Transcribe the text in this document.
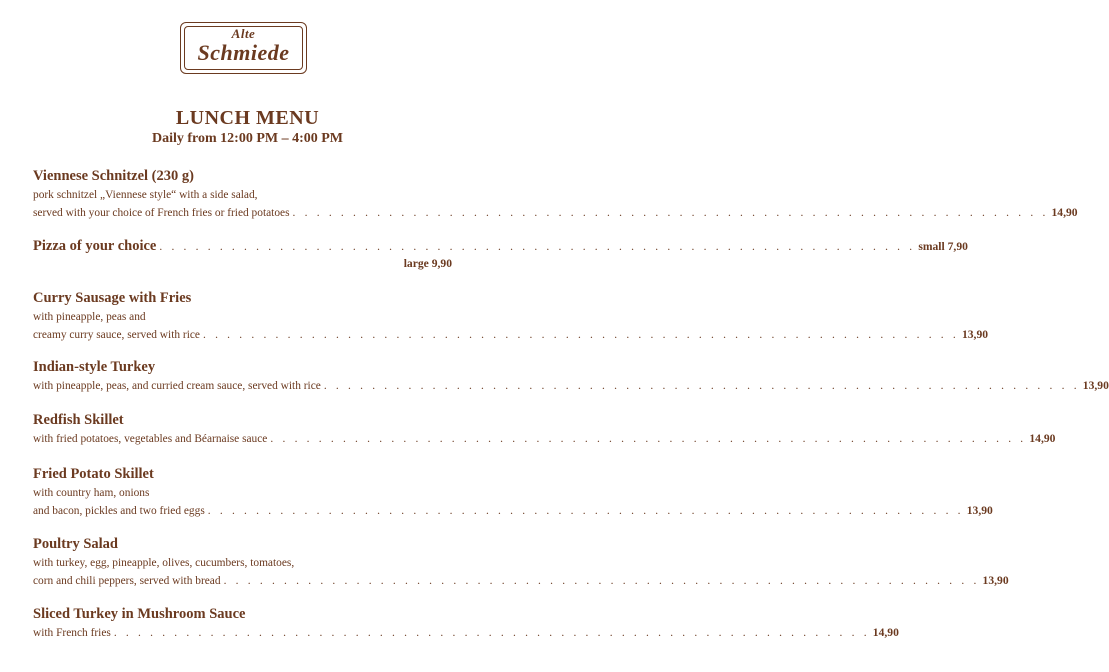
Alte
Schmiede
LUNCH MENU
Daily from 12:00 PM – 4:00 PM
Viennese Schnitzel (230 g)
pork schnitzel „Viennese style“ with a side salad,
served with your choice of French fries or fried potatoes . . . . . . . . . . . . . . . . . . . . . . . . . . . . . . . . . . . . . . . . . . . . . . . . . . . . . . . . . . . . . . . 14,90
Pizza of your choice . . . . . . . . . . . . . . . . . . . . . . . . . . . . . . . . . . . . . . . . . . . . . . . . . . . . . . . . . . . . . . . small 7,90
large 9,90
Curry Sausage with Fries
with pineapple, peas and
creamy curry sauce, served with rice . . . . . . . . . . . . . . . . . . . . . . . . . . . . . . . . . . . . . . . . . . . . . . . . . . . . . . . . . . . . . . . 13,90
Indian-style Turkey
with pineapple, peas, and curried cream sauce, served with rice . . . . . . . . . . . . . . . . . . . . . . . . . . . . . . . . . . . . . . . . . . . . . . . . . . . . . . . . . . . . . . . 13,90
Redfish Skillet
with fried potatoes, vegetables and Béarnaise sauce . . . . . . . . . . . . . . . . . . . . . . . . . . . . . . . . . . . . . . . . . . . . . . . . . . . . . . . . . . . . . . . 14,90
Fried Potato Skillet
with country ham, onions
and bacon, pickles and two fried eggs . . . . . . . . . . . . . . . . . . . . . . . . . . . . . . . . . . . . . . . . . . . . . . . . . . . . . . . . . . . . . . . 13,90
Poultry Salad
with turkey, egg, pineapple, olives, cucumbers, tomatoes,
corn and chili peppers, served with bread . . . . . . . . . . . . . . . . . . . . . . . . . . . . . . . . . . . . . . . . . . . . . . . . . . . . . . . . . . . . . . . 13,90
Sliced Turkey in Mushroom Sauce
with French fries . . . . . . . . . . . . . . . . . . . . . . . . . . . . . . . . . . . . . . . . . . . . . . . . . . . . . . . . . . . . . . . 14,90
